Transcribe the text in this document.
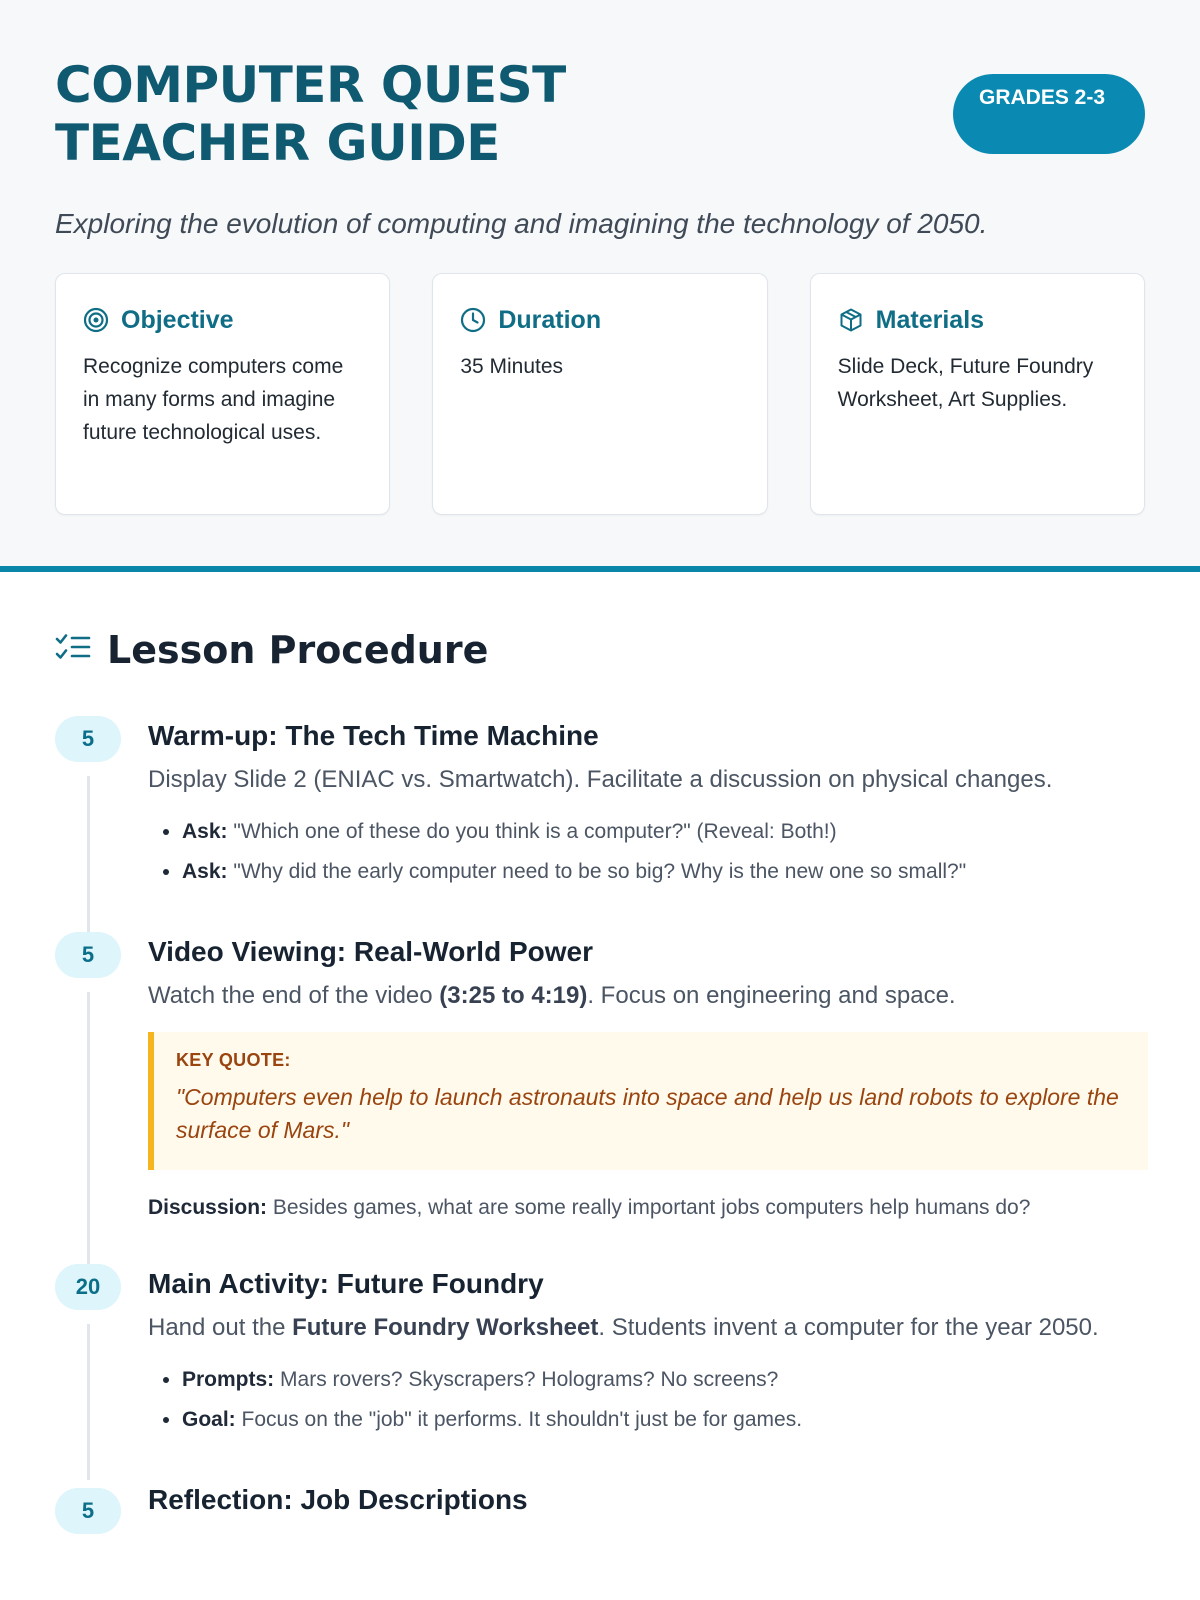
COMPUTER QUEST TEACHER GUIDE
GRADES 2-3

Exploring the evolution of computing and imagining the technology of 2050.

Objective
Recognize computers come in many forms and imagine future technological uses.
Duration
35 Minutes
Materials
Slide Deck, Future Foundry Worksheet, Art Supplies.
Lesson Procedure
5	Warm-up: The Tech Time Machine

Display Slide 2 (ENIAC vs. Smartwatch). Facilitate a discussion on physical changes.

• Ask: "Which one of these do you think is a computer?" (Reveal: Both!)
• Ask: "Why did the early computer need to be so big? Why is the new one so small?"
5	Video Viewing: Real-World Power

Watch the end of the video (3:25 to 4:19). Focus on engineering and space.

KEY QUOTE:
"Computers even help to launch astronauts into space and help us land robots to explore the surface of Mars."

Discussion: Besides games, what are some really important jobs computers help humans do?

20	Main Activity: Future Foundry

Hand out the Future Foundry Worksheet. Students invent a computer for the year 2050.

• Prompts: Mars rovers? Skyscrapers? Holograms? No screens?
• Goal: Focus on the "job" it performs. It shouldn't just be for games.
5	Reflection: Job Descriptions
